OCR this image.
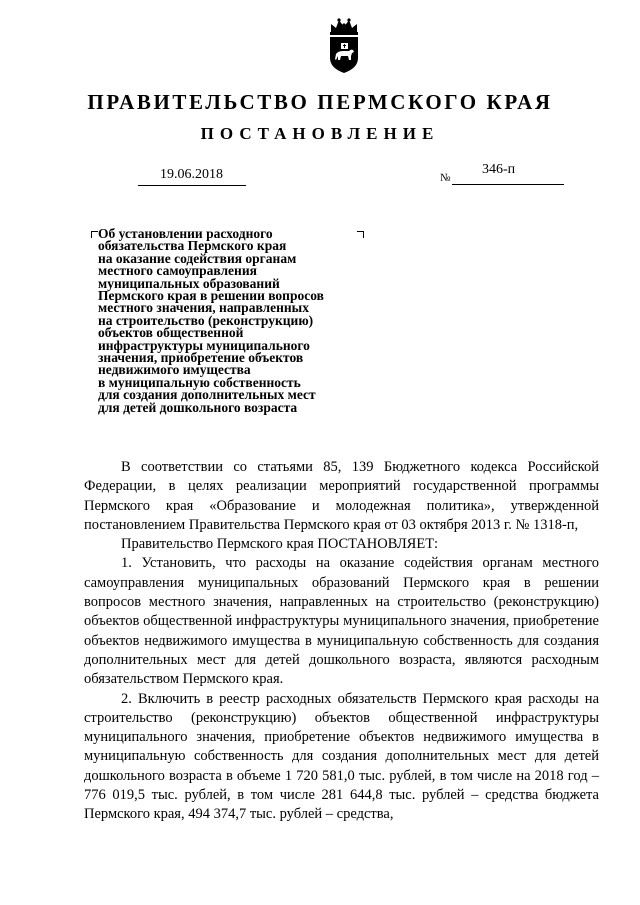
ПРАВИТЕЛЬСТВО ПЕРМСКОГО КРАЯ
ПОСТАНОВЛЕНИЕ
19.06.2018	№
346-п
Об установлении расходного
обязательства Пермского края
на оказание содействия органам
местного самоуправления
муниципальных образований
Пермского края в решении вопросов
местного значения, направленных
на строительство (реконструкцию)
объектов общественной
инфраструктуры муниципального
значения, приобретение объектов
недвижимого имущества
в муниципальную собственность
для создания дополнительных мест
для детей дошкольного возраста

В соответствии со статьями 85, 139 Бюджетного кодекса Российской Федерации, в целях реализации мероприятий государственной программы Пермского края «Образование и молодежная политика», утвержденной постановлением Правительства Пермского края от 03 октября 2013 г. № 1318-п,

Правительство Пермского края ПОСТАНОВЛЯЕТ:

1. Установить, что расходы на оказание содействия органам местного самоуправления муниципальных образований Пермского края в решении вопросов местного значения, направленных на строительство (реконструкцию) объектов общественной инфраструктуры муниципального значения, приобретение объектов недвижимого имущества в муниципальную собственность для создания дополнительных мест для детей дошкольного возраста, являются расходным обязательством Пермского края.

2. Включить в реестр расходных обязательств Пермского края расходы на строительство (реконструкцию) объектов общественной инфраструктуры муниципального значения, приобретение объектов недвижимого имущества в муниципальную собственность для создания дополнительных мест для детей дошкольного возраста в объеме 1 720 581,0 тыс. рублей, в том числе на 2018 год – 776 019,5 тыс. рублей, в том числе 281 644,8 тыс. рублей – средства бюджета Пермского края, 494 374,7 тыс. рублей – средства,
